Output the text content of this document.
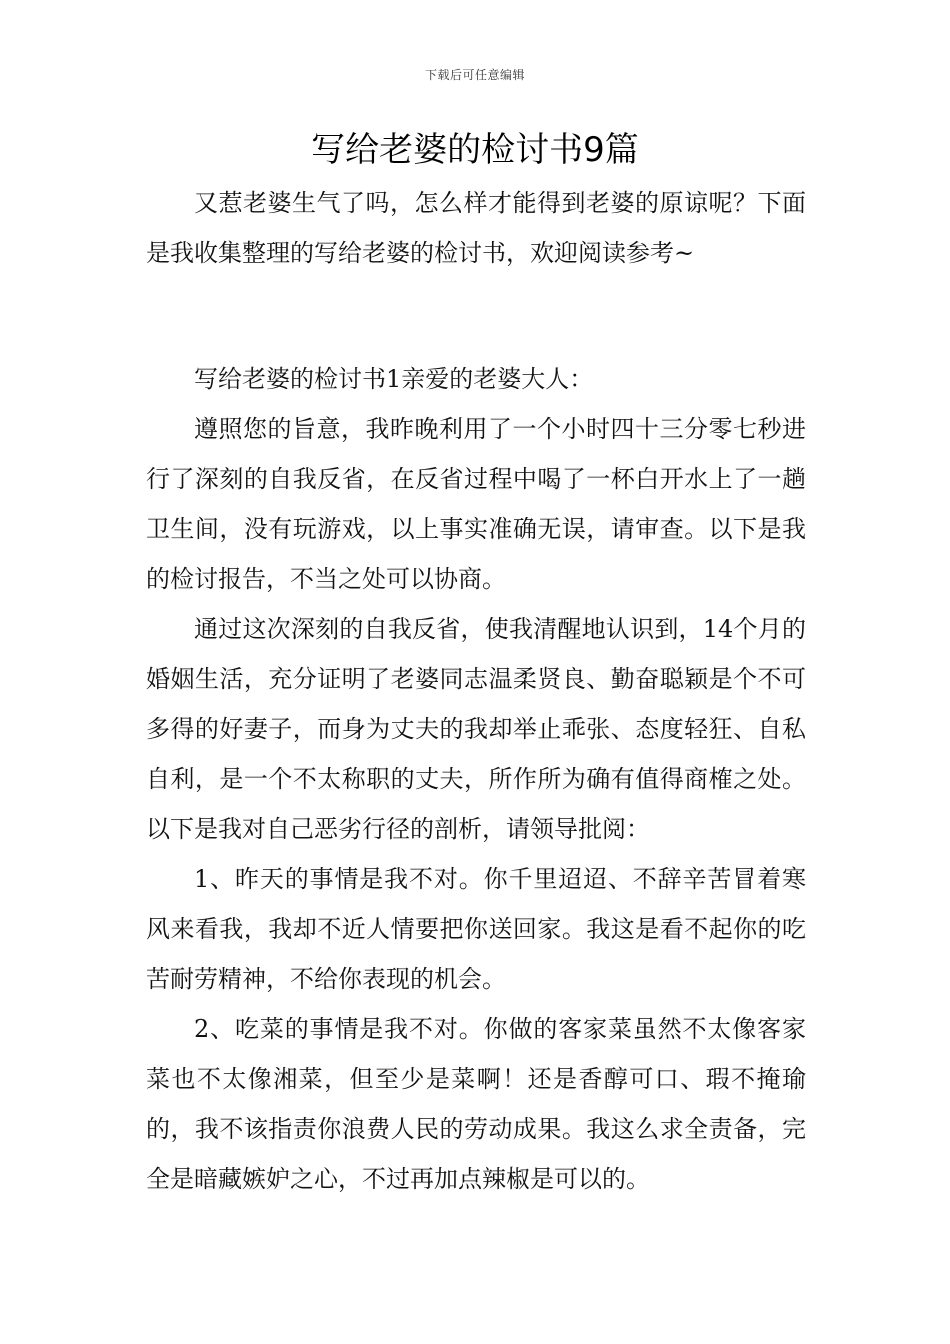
下载后可任意编辑
写给老婆的检讨书9篇

又惹老婆生气了吗，怎么样才能得到老婆的原谅呢？下面是我收集整理的写给老婆的检讨书，欢迎阅读参考~

写给老婆的检讨书1亲爱的老婆大人：

遵照您的旨意，我昨晚利用了一个小时四十三分零七秒进行了深刻的自我反省，在反省过程中喝了一杯白开水上了一趟卫生间，没有玩游戏，以上事实准确无误，请审查。以下是我的检讨报告，不当之处可以协商。

通过这次深刻的自我反省，使我清醒地认识到，14个月的婚姻生活，充分证明了老婆同志温柔贤良、勤奋聪颖是个不可多得的好妻子，而身为丈夫的我却举止乖张、态度轻狂、自私自利，是一个不太称职的丈夫，所作所为确有值得商榷之处。以下是我对自己恶劣行径的剖析，请领导批阅：

1、昨天的事情是我不对。你千里迢迢、不辞辛苦冒着寒风来看我，我却不近人情要把你送回家。我这是看不起你的吃苦耐劳精神，不给你表现的机会。

2、吃菜的事情是我不对。你做的客家菜虽然不太像客家菜也不太像湘菜，但至少是菜啊！还是香醇可口、瑕不掩瑜的，我不该指责你浪费人民的劳动成果。我这么求全责备，完全是暗藏嫉妒之心，不过再加点辣椒是可以的。
